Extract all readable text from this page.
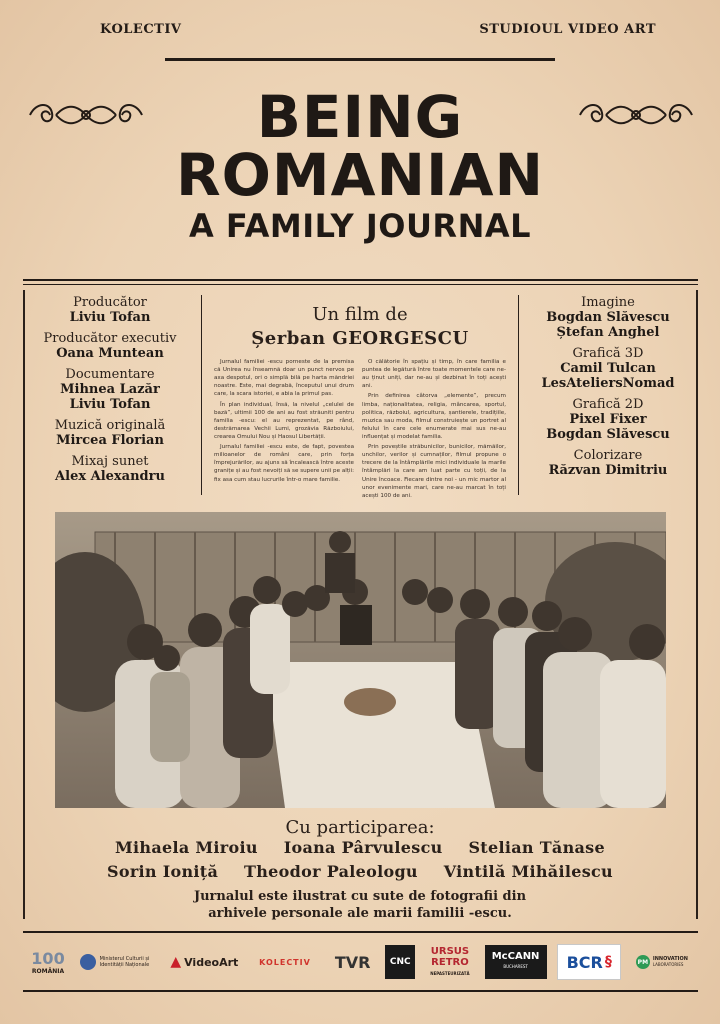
KOLECTIV	STUDIOUL VIDEO ART
BEING
ROMANIAN
A FAMILY JOURNAL
Producător
Liviu Tofan
Producător executiv
Oana Muntean
Documentare
Mihnea Lazăr
Liviu Tofan
Muzică originală
Mircea Florian
Mixaj sunet
Alex Alexandru
Un film de
Șerban GEORGESCU

Jurnalul familiei -escu porneste de la premisa că Unirea nu înseamnă doar un punct nervos pe axa despotul, ori o simplă bilă pe harta măndriei noastre. Este, mai degrabă, începutul unui drum care, la scara istoriei, e abia la primul pas.

În plan individual, însă, la nivelul „celulei de bază”, ultimii 100 de ani au fost străuniti pentru familia -escu: el au reprezentat, pe rând, destrămarea Vechii Lumi, grozăvia Războiului, crearea Omului Nou și Haosul Libertății.

Jurnalul familiei -escu este, de fapt, povestea milioanelor de români care, prin forța împrejurărilor, au ajuns să încalească între aceste granițe și au fost nevoiți să se supere unii pe alții: fix asa cum stau lucrurile într-o mare familie.

O călătorie în spațiu și timp, în care familia e puntea de legătură între toate momentele care ne-au ținut uniți, dar ne-au și dezbinat în toți acești ani.

Prin definirea câtorva „elemente”, precum limba, naționalitatea, religia, mâncarea, sportul, politica, războiul, agricultura, șantierele, tradițiile, muzica sau moda, filmul construiește un portret al felului în care cele enumerate mai sus ne-au influențat și modelat familia.

Prin poveștile străbunicilor, bunicilor, mămăilor, unchilor, verilor și cumnaților, filmul propune o trecere de la întâmplările mici individuale la marile întâmplări la care am luat parte cu toții, de la Unire încoace. Fiecare dintre noi - un mic martor al unor evenimente mari, care ne-au marcat în toți acești 100 de ani.

Imagine
Bogdan Slăvescu
Ștefan Anghel
Grafică 3D
Camil Tulcan
LesAteliersNomad
Grafică 2D
Pixel Fixer
Bogdan Slăvescu
Colorizare
Răzvan Dimitriu
Cu participarea:
Mihaela Miroiu Ioana Pârvulescu Stelian Tănase
Sorin Ioniță Theodor Paleologu Vintilă Mihăilescu
Jurnalul este ilustrat cu sute de fotografii din
arhivele personale ale marii familii -escu.
100
ROMÂNIA
Ministerul Culturii și Identității Naționale	▲ VideoArt	KOLECTIV	TVR CNC
URSUS
RETRO
NEPASTEURIZATĂ
McCANN
BUCHAREST BCR §	PM INNOVATION
LABORATORIES
